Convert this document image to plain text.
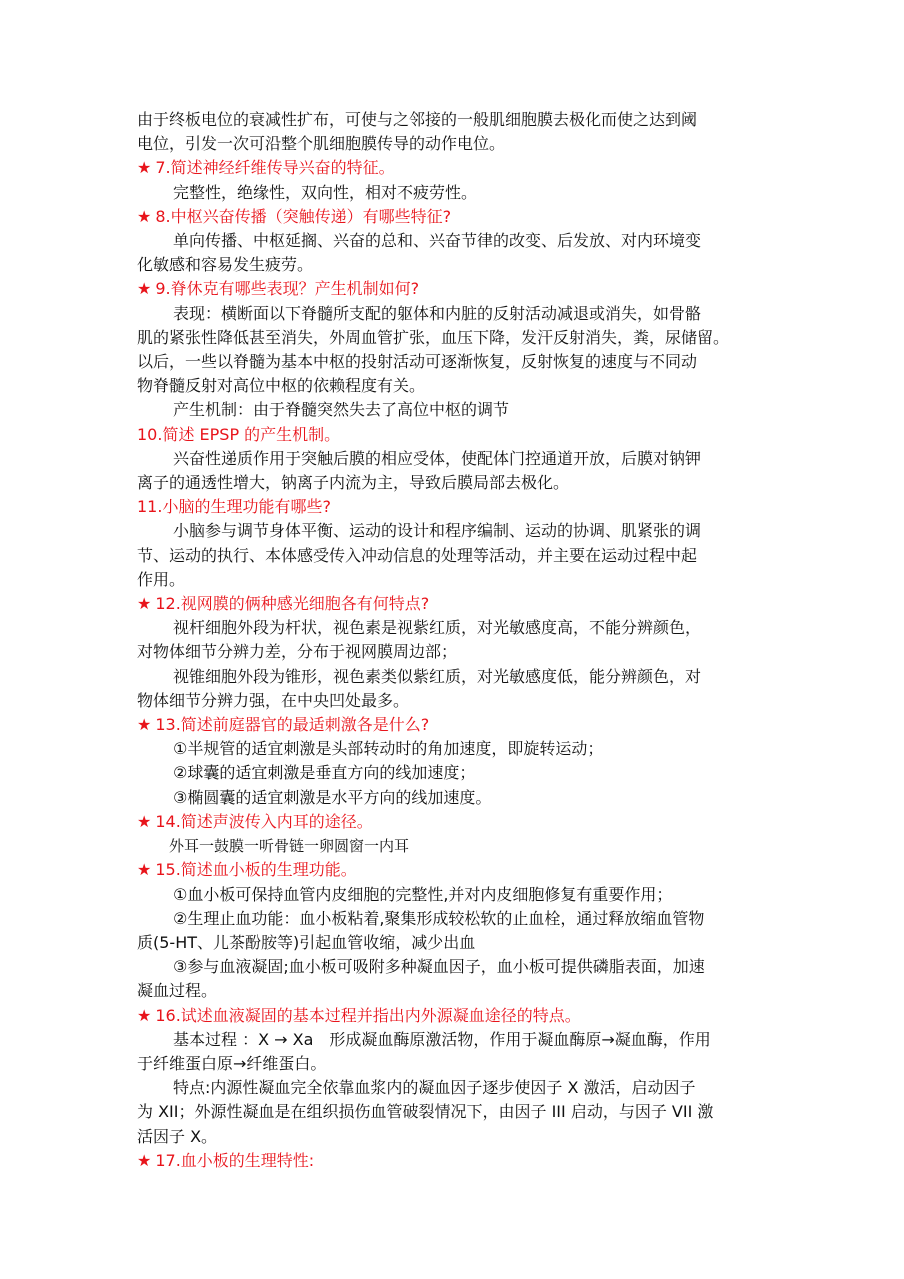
由于终板电位的衰减性扩布，可使与之邻接的一般肌细胞膜去极化而使之达到阈
电位，引发一次可沿整个肌细胞膜传导的动作电位。
★ 7.简述神经纤维传导兴奋的特征。
完整性，绝缘性，双向性，相对不疲劳性。
★ 8.中枢兴奋传播（突触传递）有哪些特征?
单向传播、中枢延搁、兴奋的总和、兴奋节律的改变、后发放、对内环境变
化敏感和容易发生疲劳。
★ 9.脊休克有哪些表现？产生机制如何?
表现：横断面以下脊髓所支配的躯体和内脏的反射活动减退或消失，如骨骼
肌的紧张性降低甚至消失，外周血管扩张，血压下降，发汗反射消失，粪，尿储留。
以后，一些以脊髓为基本中枢的投射活动可逐渐恢复，反射恢复的速度与不同动
物脊髓反射对高位中枢的依赖程度有关。
产生机制：由于脊髓突然失去了高位中枢的调节
10.简述 EPSP 的产生机制。
兴奋性递质作用于突触后膜的相应受体，使配体门控通道开放，后膜对钠钾
离子的通透性增大，钠离子内流为主，导致后膜局部去极化。
11.小脑的生理功能有哪些?
小脑参与调节身体平衡、运动的设计和程序编制、运动的协调、肌紧张的调
节、运动的执行、本体感受传入冲动信息的处理等活动，并主要在运动过程中起
作用。
★ 12.视网膜的俩种感光细胞各有何特点?
视杆细胞外段为杆状，视色素是视紫红质，对光敏感度高，不能分辨颜色，
对物体细节分辨力差，分布于视网膜周边部；
视锥细胞外段为锥形，视色素类似紫红质，对光敏感度低，能分辨颜色，对
物体细节分辨力强，在中央凹处最多。
★ 13.简述前庭器官的最适刺激各是什么?
①半规管的适宜刺激是头部转动时的角加速度，即旋转运动；
②球囊的适宜刺激是垂直方向的线加速度；
③椭圆囊的适宜刺激是水平方向的线加速度。
★ 14.简述声波传入内耳的途径。
外耳一鼓膜一听骨链一卵圆窗一内耳
★ 15.简述血小板的生理功能。
①血小板可保持血管内皮细胞的完整性,并对内皮细胞修复有重要作用；
②生理止血功能：血小板粘着,聚集形成较松软的止血栓，通过释放缩血管物
质(5-HT、儿茶酚胺等)引起血管收缩，减少出血
③参与血液凝固;血小板可吸附多种凝血因子，血小板可提供磷脂表面，加速
凝血过程。
★ 16.试述血液凝固的基本过程并指出内外源凝血途径的特点。
基本过程 ：X → Xa　形成凝血酶原激活物，作用于凝血酶原→凝血酶，作用
于纤维蛋白原→纤维蛋白。
特点:内源性凝血完全依靠血浆内的凝血因子逐步使因子 X 激活，启动因子
为 XII；外源性凝血是在组织损伤血管破裂情况下，由因子 III 启动，与因子 VII 激
活因子 X。
★ 17.血小板的生理特性:
